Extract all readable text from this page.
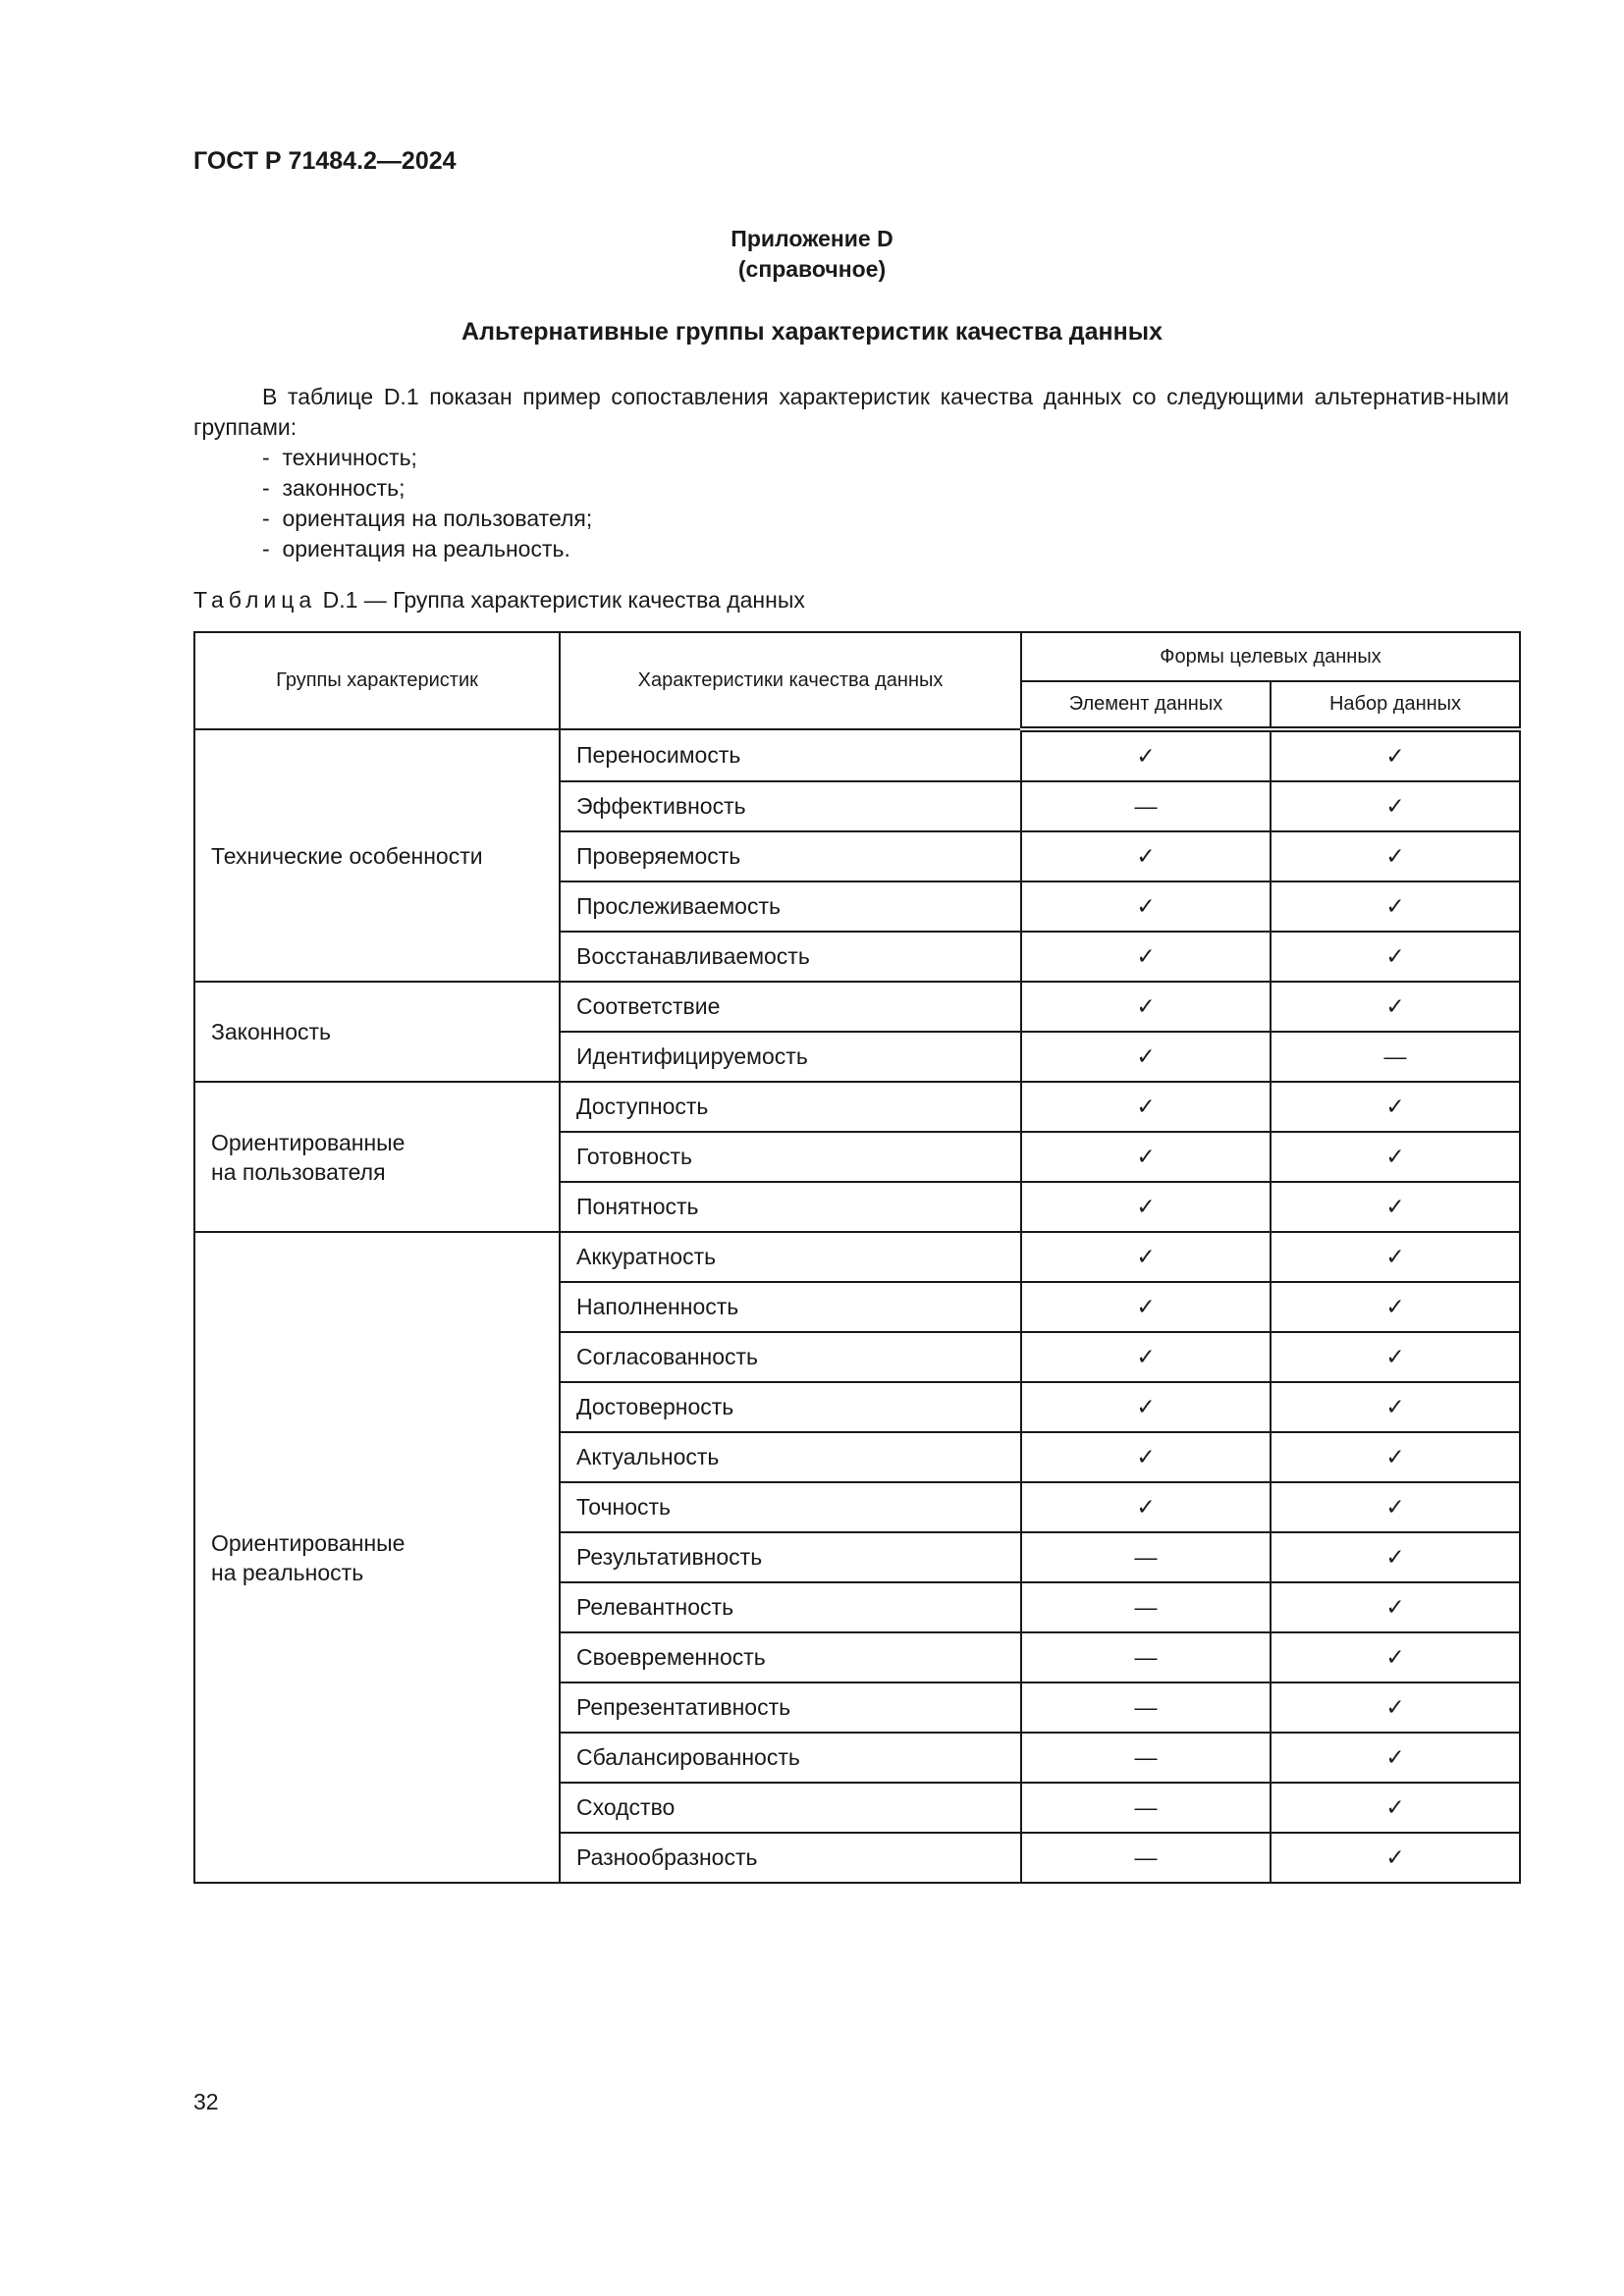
ГОСТ Р 71484.2—2024
Приложение D
(справочное)
Альтернативные группы характеристик качества данных
В таблице D.1 показан пример сопоставления характеристик качества данных со следующими альтернатив-ными группами:
- техничность;
- законность;
- ориентация на пользователя;
- ориентация на реальность.
Таблица D.1 — Группа характеристик качества данных
Группы характеристик	Характеристики качества данных	Формы целевых данных	
		Элемент данных	Набор данных
Технические особенности	Переносимость	✓	✓
	Эффективность	—	✓
	Проверяемость	✓	✓
	Прослеживаемость	✓	✓
	Восстанавливаемость	✓	✓
Законность	Соответствие	✓	✓
	Идентифицируемость	✓	—
Ориентированные
на пользователя	Доступность	✓	✓
	Готовность	✓	✓
	Понятность	✓	✓
Ориентированные
на реальность	Аккуратность	✓	✓
	Наполненность	✓	✓
	Согласованность	✓	✓
	Достоверность	✓	✓
	Актуальность	✓	✓
	Точность	✓	✓
	Результативность	—	✓
	Релевантность	—	✓
	Своевременность	—	✓
	Репрезентативность	—	✓
	Сбалансированность	—	✓
	Сходство	—	✓
	Разнообразность	—	✓
32
